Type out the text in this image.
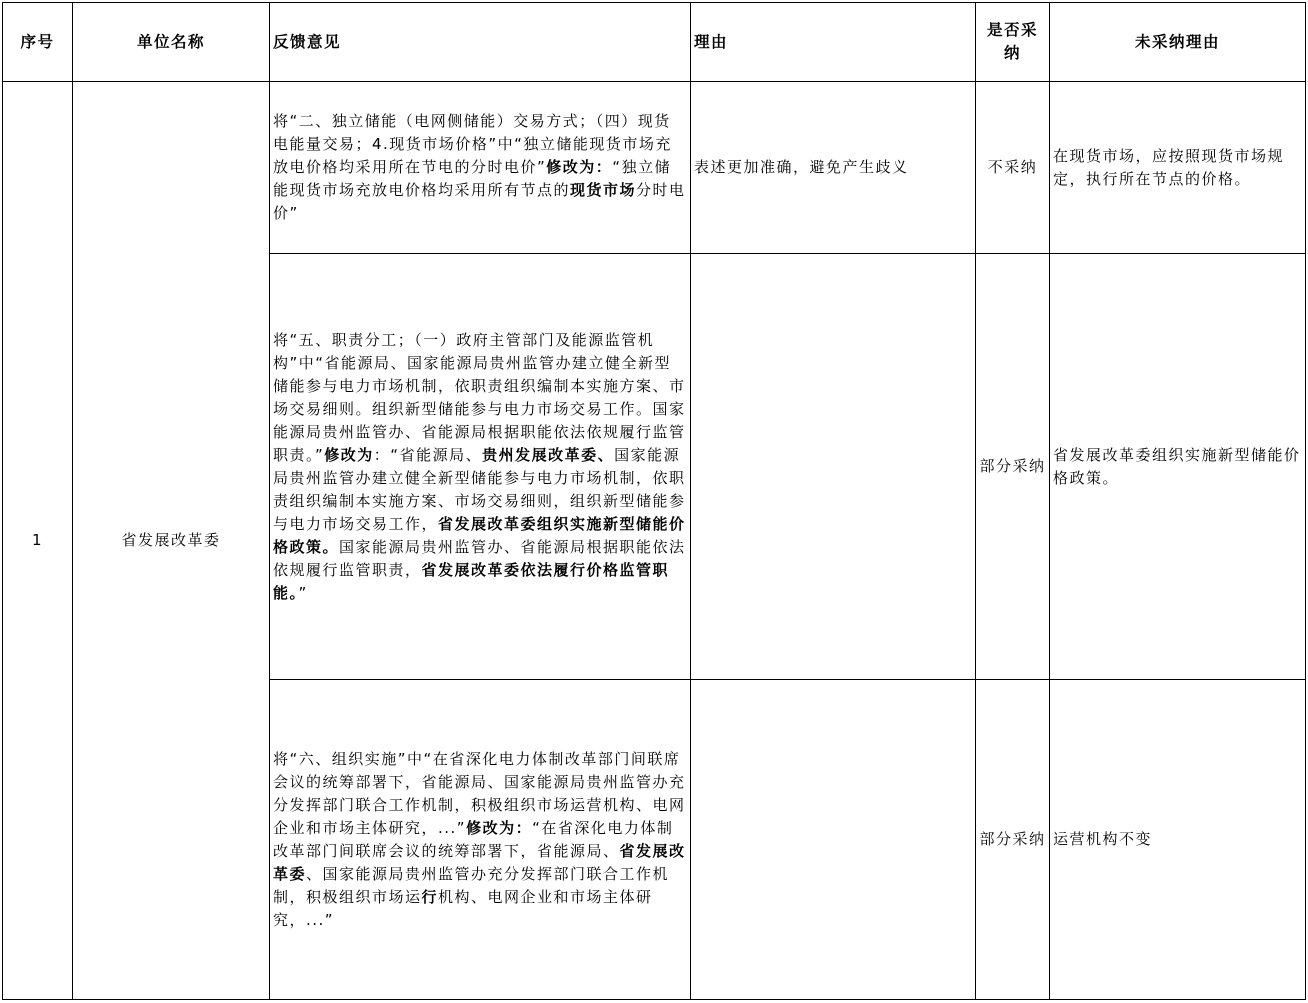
序号	单位名称	反馈意见	理由	是否采纳	未采纳理由
1	省发展改革委	将“二、独立储能（电网侧储能）交易方式；（四）现货电能量交易；4.现货市场价格”中“独立储能现货市场充放电价格均采用所在节电的分时电价”修改为：“独立储能现货市场充放电价格均采用所有节点的现货市场分时电价”	表述更加准确，避免产生歧义	不采纳	在现货市场，应按照现货市场规定，执行所在节点的价格。
		将“五、职责分工；（一）政府主管部门及能源监管机构”中“省能源局、国家能源局贵州监管办建立健全新型储能参与电力市场机制，依职责组织编制本实施方案、市场交易细则。组织新型储能参与电力市场交易工作。国家能源局贵州监管办、省能源局根据职能依法依规履行监管职责。”修改为：“省能源局、贵州发展改革委、国家能源局贵州监管办建立健全新型储能参与电力市场机制，依职责组织编制本实施方案、市场交易细则，组织新型储能参与电力市场交易工作，省发展改革委组织实施新型储能价格政策。国家能源局贵州监管办、省能源局根据职能依法依规履行监管职责，省发展改革委依法履行价格监管职能。”		部分采纳	省发展改革委组织实施新型储能价格政策。
		将“六、组织实施”中“在省深化电力体制改革部门间联席会议的统筹部署下，省能源局、国家能源局贵州监管办充分发挥部门联合工作机制，积极组织市场运营机构、电网企业和市场主体研究，...”修改为：“在省深化电力体制改革部门间联席会议的统筹部署下，省能源局、省发展改革委、国家能源局贵州监管办充分发挥部门联合工作机制，积极组织市场运行机构、电网企业和市场主体研究，...”		部分采纳	运营机构不变
